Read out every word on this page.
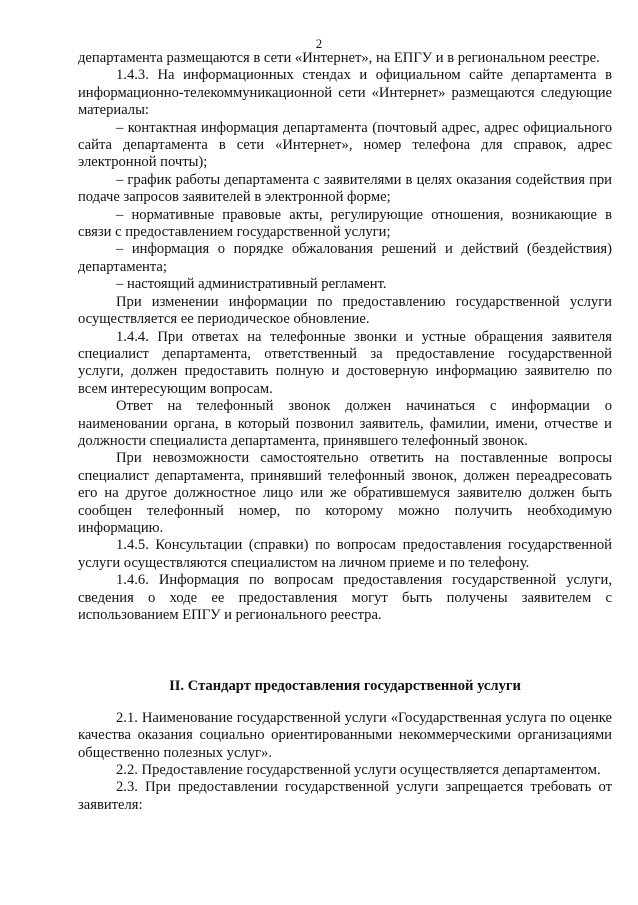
2

департамента размещаются в сети «Интернет», на ЕПГУ и в региональном реестре.

1.4.3. На информационных стендах и официальном сайте департамента в информационно-телекоммуникационной сети «Интернет» размещаются следующие материалы:

– контактная информация департамента (почтовый адрес, адрес официального сайта департамента в сети «Интернет», номер телефона для справок, адрес электронной почты);

– график работы департамента с заявителями в целях оказания содействия при подаче запросов заявителей в электронной форме;

– нормативные правовые акты, регулирующие отношения, возникающие в связи с предоставлением государственной услуги;

– информация о порядке обжалования решений и действий (бездействия) департамента;

– настоящий административный регламент.

При изменении информации по предоставлению государственной услуги осуществляется ее периодическое обновление.

1.4.4. При ответах на телефонные звонки и устные обращения заявителя специалист департамента, ответственный за предоставление государственной услуги, должен предоставить полную и достоверную информацию заявителю по всем интересующим вопросам.

Ответ на телефонный звонок должен начинаться с информации о наименовании органа, в который позвонил заявитель, фамилии, имени, отчестве и должности специалиста департамента, принявшего телефонный звонок.

При невозможности самостоятельно ответить на поставленные вопросы специалист департамента, принявший телефонный звонок, должен переадресовать его на другое должностное лицо или же обратившемуся заявителю должен быть сообщен телефонный номер, по которому можно получить необходимую информацию.

1.4.5. Консультации (справки) по вопросам предоставления государственной услуги осуществляются специалистом на личном приеме и по телефону.

1.4.6. Информация по вопросам предоставления государственной услуги, сведения о ходе ее предоставления могут быть получены заявителем с использованием ЕПГУ и регионального реестра.

II. Стандарт предоставления государственной услуги

2.1. Наименование государственной услуги «Государственная услуга по оценке качества оказания социально ориентированными некоммерческими организациями общественно полезных услуг».

2.2. Предоставление государственной услуги осуществляется департаментом.

2.3. При предоставлении государственной услуги запрещается требовать от заявителя:
